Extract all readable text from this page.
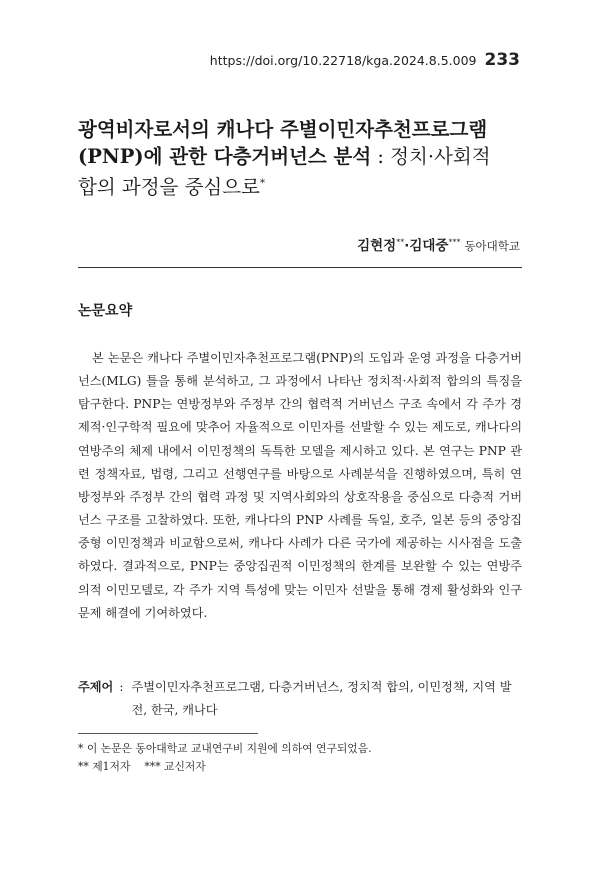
https://doi.org/10.22718/kga.2024.8.5.009 233
광역비자로서의 캐나다 주별이민자추천프로그램
(PNP)에 관한 다층거버넌스 분석 : 정치·사회적
합의 과정을 중심으로*
김현정**·김대중*** 동아대학교
논문요약

본 논문은 캐나다 주별이민자추천프로그램(PNP)의 도입과 운영 과정을 다층거버넌스(MLG) 틀을 통해 분석하고, 그 과정에서 나타난 정치적·사회적 합의의 특징을 탐구한다. PNP는 연방정부와 주정부 간의 협력적 거버넌스 구조 속에서 각 주가 경제적·인구학적 필요에 맞추어 자율적으로 이민자를 선발할 수 있는 제도로, 캐나다의 연방주의 체제 내에서 이민정책의 독특한 모델을 제시하고 있다. 본 연구는 PNP 관련 정책자료, 법령, 그리고 선행연구를 바탕으로 사례분석을 진행하였으며, 특히 연방정부와 주정부 간의 협력 과정 및 지역사회와의 상호작용을 중심으로 다층적 거버넌스 구조를 고찰하였다. 또한, 캐나다의 PNP 사례를 독일, 호주, 일본 등의 중앙집중형 이민정책과 비교함으로써, 캐나다 사례가 다른 국가에 제공하는 시사점을 도출하였다. 결과적으로, PNP는 중앙집권적 이민정책의 한계를 보완할 수 있는 연방주의적 이민모델로, 각 주가 지역 특성에 맞는 이민자 선발을 통해 경제 활성화와 인구문제 해결에 기여하였다.

주제어 : 주별이민자추천프로그램, 다층거버넌스, 정치적 합의, 이민정책, 지역 발전, 한국, 캐나다
* 이 논문은 동아대학교 교내연구비 지원에 의하여 연구되었음.
** 제1저자 *** 교신저자
